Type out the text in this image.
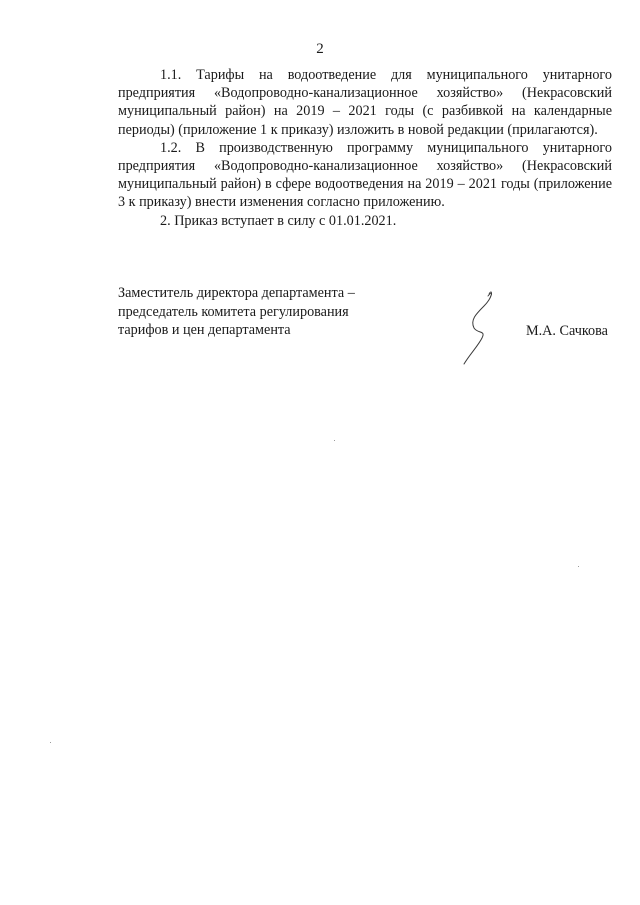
2

1.1. Тарифы на водоотведение для муниципального унитарного предприятия «Водопроводно-канализационное хозяйство» (Некрасовский муниципальный район) на 2019 – 2021 годы (с разбивкой на календарные периоды) (приложение 1 к приказу) изложить в новой редакции (прилагаются).

1.2. В производственную программу муниципального унитарного предприятия «Водопроводно-канализационное хозяйство» (Некрасовский муниципальный район) в сфере водоотведения на 2019 – 2021 годы (приложение 3 к приказу) внести изменения согласно приложению.

2. Приказ вступает в силу с 01.01.2021.

Заместитель директора департамента –
председатель комитета регулирования
тарифов и цен департамента	М.А. Сачкова
